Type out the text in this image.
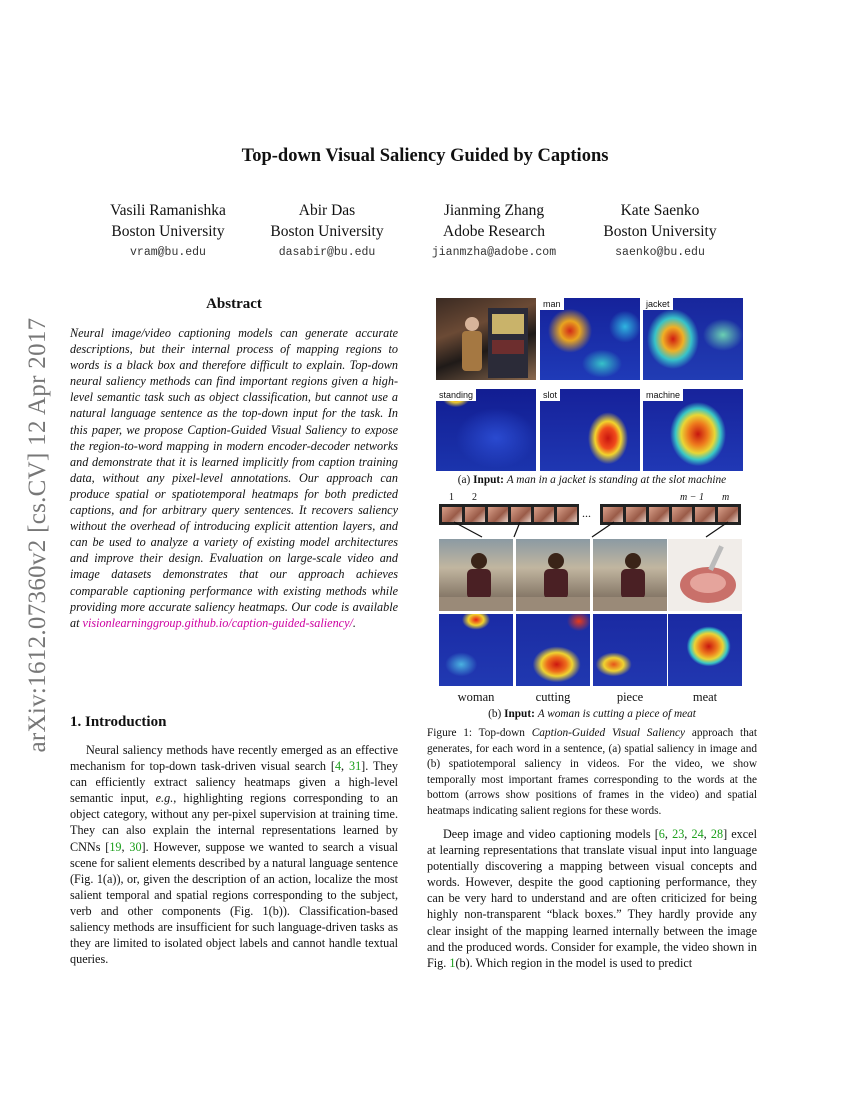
Top-down Visual Saliency Guided by Captions
Vasili Ramanishka
Boston University
vram@bu.edu
Abir Das
Boston University
dasabir@bu.edu
Jianming Zhang
Adobe Research
jianmzha@adobe.com
Kate Saenko
Boston University
saenko@bu.edu
arXiv:1612.07360v2 [cs.CV] 12 Apr 2017
Abstract
Neural image/video captioning models can generate accurate descriptions, but their internal process of mapping regions to words is a black box and therefore difficult to explain. Top-down neural saliency methods can find important regions given a high-level semantic task such as object classification, but cannot use a natural language sentence as the top-down input for the task. In this paper, we propose Caption-Guided Visual Saliency to expose the region-to-word mapping in modern encoder-decoder networks and demonstrate that it is learned implicitly from caption training data, without any pixel-level annotations. Our approach can produce spatial or spatiotemporal heatmaps for both predicted captions, and for arbitrary query sentences. It recovers saliency without the overhead of introducing explicit attention layers, and can be used to analyze a variety of existing model architectures and improve their design. Evaluation on large-scale video and image datasets demonstrates that our approach achieves comparable captioning performance with existing methods while providing more accurate saliency heatmaps. Our code is available at visionlearninggroup.github.io/caption-guided-saliency/.
1. Introduction
Neural saliency methods have recently emerged as an effective mechanism for top-down task-driven visual search [4, 31]. They can efficiently extract saliency heatmaps given a high-level semantic input, e.g., highlighting regions corresponding to an object category, without any per-pixel supervision at training time. They can also explain the internal representations learned by CNNs [19, 30]. However, suppose we wanted to search a visual scene for salient elements described by a natural language sentence (Fig. 1(a)), or, given the description of an action, localize the most salient temporal and spatial regions corresponding to the subject, verb and other components (Fig. 1(b)). Classification-based saliency methods are insufficient for such language-driven tasks as they are limited to isolated object labels and cannot handle textual queries.
man	jacket
standing	slot	machine
(a) Input: A man in a jacket is standing at the slot machine
1 2	m − 1 m
...
woman	cutting	piece	meat
(b) Input: A woman is cutting a piece of meat
Figure 1: Top-down Caption-Guided Visual Saliency approach that generates, for each word in a sentence, (a) spatial saliency in image and (b) spatiotemporal saliency in videos. For the video, we show temporally most important frames corresponding to the words at the bottom (arrows show positions of frames in the video) and spatial heatmaps indicating salient regions for these words.
Deep image and video captioning models [6, 23, 24, 28] excel at learning representations that translate visual input into language potentially discovering a mapping between visual concepts and words. However, despite the good captioning performance, they can be very hard to understand and are often criticized for being highly non-transparent “black boxes.” They hardly provide any clear insight of the mapping learned internally between the image and the produced words. Consider for example, the video shown in Fig. 1(b). Which region in the model is used to predict
